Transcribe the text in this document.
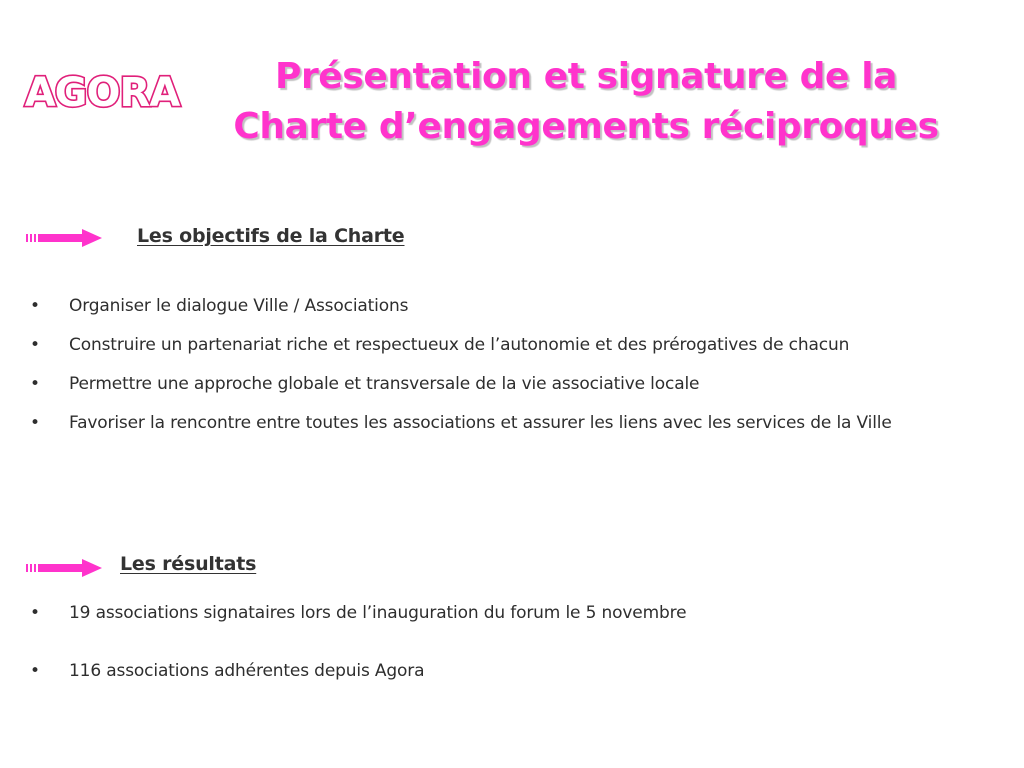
AGORA	Présentation et signature de la
Charte d’engagements réciproques
Les objectifs de la Charte
• Organiser le dialogue Ville / Associations
• Construire un partenariat riche et respectueux de l’autonomie et des prérogatives de chacun
• Permettre une approche globale et transversale de la vie associative locale
• Favoriser la rencontre entre toutes les associations et assurer les liens avec les services de la Ville
Les résultats
• 19 associations signataires lors de l’inauguration du forum le 5 novembre
• 116 associations adhérentes depuis Agora
